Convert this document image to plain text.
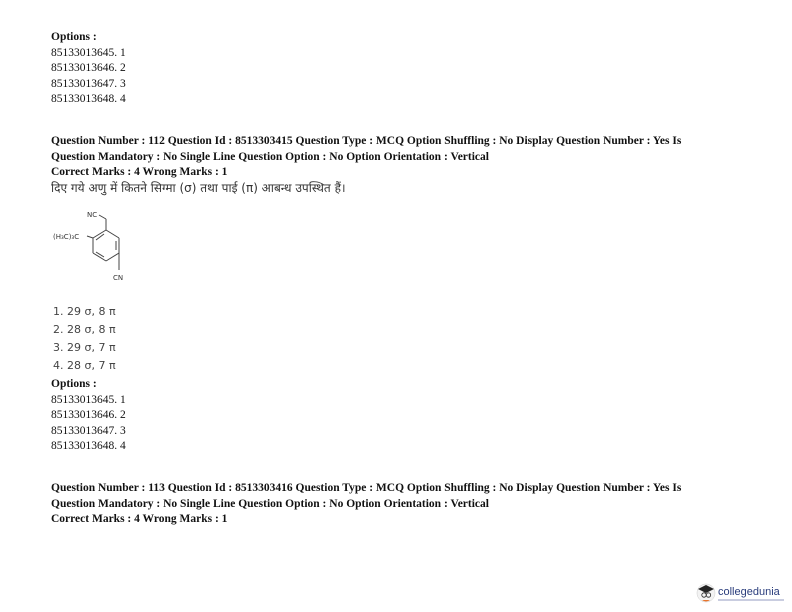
Options :
85133013645. 1
85133013646. 2
85133013647. 3
85133013648. 4
Question Number : 112 Question Id : 8513303415 Question Type : MCQ Option Shuffling : No Display Question Number : Yes Is
Question Mandatory : No Single Line Question Option : No Option Orientation : Vertical
Correct Marks : 4 Wrong Marks : 1
दिए गये अणु में कितने सिग्मा (σ) तथा पाई (π) आबन्ध उपस्थित हैं।
NC
(H₃C)₃C
CN
1. 29 σ, 8 π
2. 28 σ, 8 π
3. 29 σ, 7 π
4. 28 σ, 7 π
Options :
85133013645. 1
85133013646. 2
85133013647. 3
85133013648. 4
Question Number : 113 Question Id : 8513303416 Question Type : MCQ Option Shuffling : No Display Question Number : Yes Is
Question Mandatory : No Single Line Question Option : No Option Orientation : Vertical
Correct Marks : 4 Wrong Marks : 1
collegedunia
